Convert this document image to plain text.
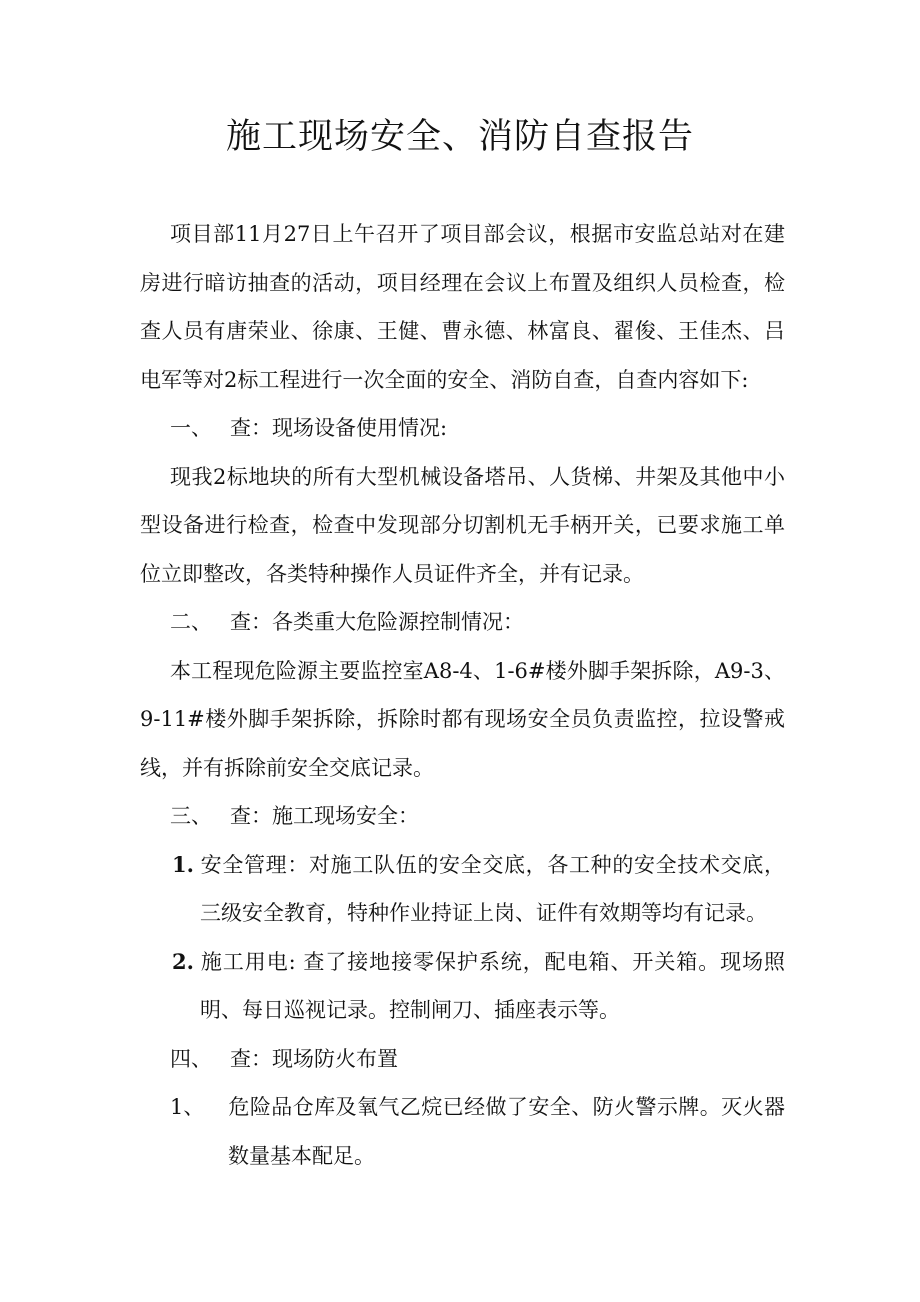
施工现场安全、消防自查报告

项目部11月27日上午召开了项目部会议，根据市安监总站对在建房进行暗访抽查的活动，项目经理在会议上布置及组织人员检查，检查人员有唐荣业、徐康、王健、曹永德、林富良、翟俊、王佳杰、吕电军等对2标工程进行一次全面的安全、消防自查，自查内容如下:

一、 查：现场设备使用情况:

现我2标地块的所有大型机械设备塔吊、人货梯、井架及其他中小型设备进行检查，检查中发现部分切割机无手柄开关，已要求施工单位立即整改，各类特种操作人员证件齐全，并有记录。

二、 查：各类重大危险源控制情况：

本工程现危险源主要监控室A8-4、1-6#楼外脚手架拆除，A9-3、9-11#楼外脚手架拆除，拆除时都有现场安全员负责监控，拉设警戒线，并有拆除前安全交底记录。

三、 查：施工现场安全：

1. 安全管理：对施工队伍的安全交底，各工种的安全技术交底，三级安全教育，特种作业持证上岗、证件有效期等均有记录。

2. 施工用电: 查了接地接零保护系统，配电箱、开关箱。现场照明、每日巡视记录。控制闸刀、插座表示等。

四、 查：现场防火布置

1、 危险品仓库及氧气乙烷已经做了安全、防火警示牌。灭火器数量基本配足。
